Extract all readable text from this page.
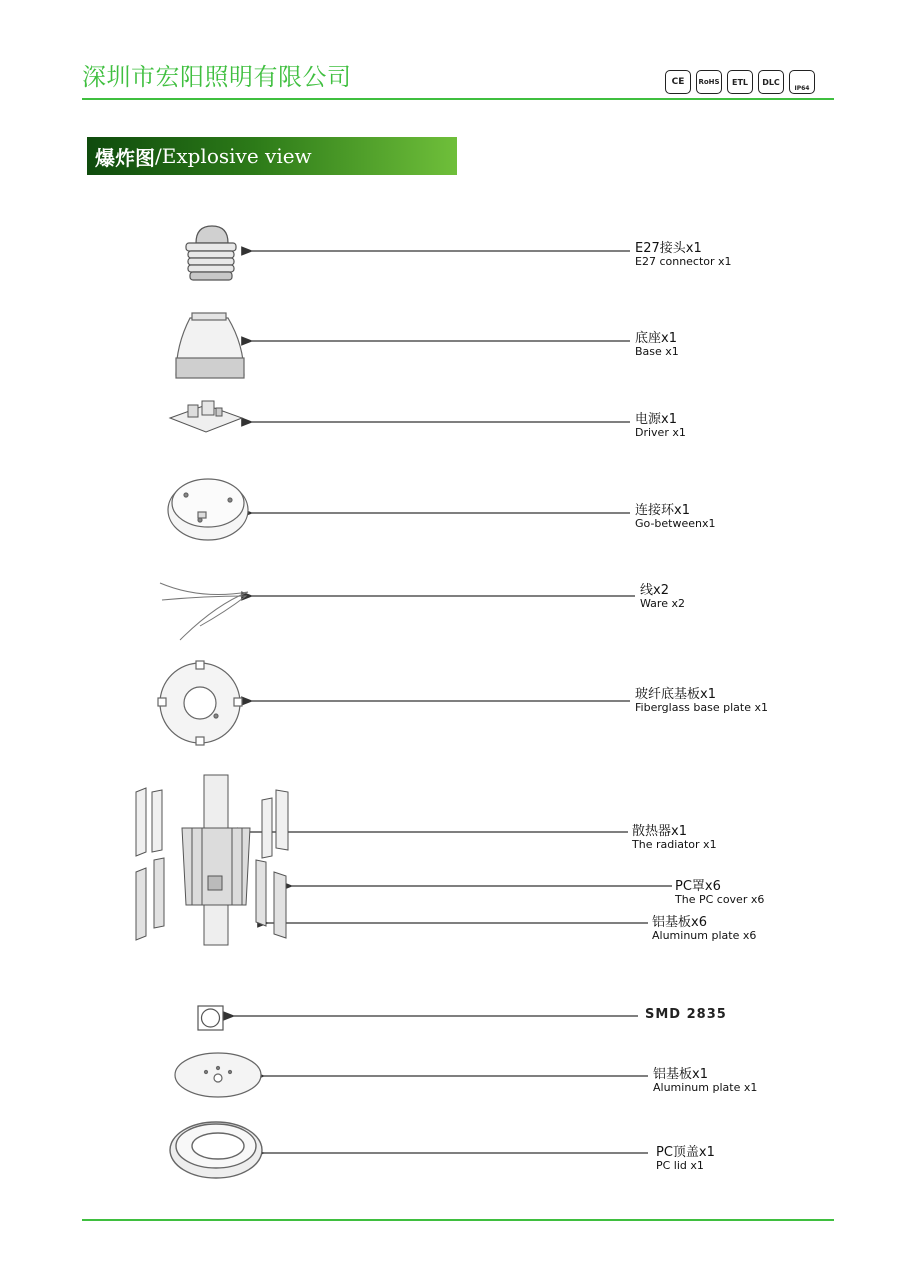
深圳市宏阳照明有限公司	CE	RoHS	ETL	DLC
IP64
爆炸图 / Explosive view
E27接头x1
E27 connector x1
底座x1
Base x1
电源x1
Driver x1
连接环x1
Go-betweenx1
线x2
Ware x2
玻纤底基板x1
Fiberglass base plate x1
散热器x1
The radiator x1
PC罩x6
The PC cover x6
铝基板x6
Aluminum plate x6
SMD 2835
铝基板x1
Aluminum plate x1
PC顶盖x1
PC lid x1
